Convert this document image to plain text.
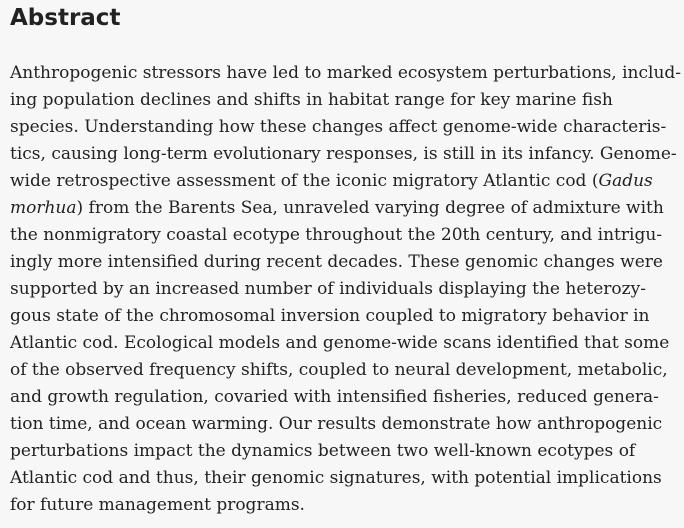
Abstract
Anthropogenic stressors have led to marked ecosystem perturbations, includ-
ing population declines and shifts in habitat range for key marine fish
species. Understanding how these changes affect genome-wide characteris-
tics, causing long-term evolutionary responses, is still in its infancy. Genome-
wide retrospective assessment of the iconic migratory Atlantic cod (Gadus
morhua) from the Barents Sea, unraveled varying degree of admixture with
the nonmigratory coastal ecotype throughout the 20th century, and intrigu-
ingly more intensified during recent decades. These genomic changes were
supported by an increased number of individuals displaying the heterozy-
gous state of the chromosomal inversion coupled to migratory behavior in
Atlantic cod. Ecological models and genome-wide scans identified that some
of the observed frequency shifts, coupled to neural development, metabolic,
and growth regulation, covaried with intensified fisheries, reduced genera-
tion time, and ocean warming. Our results demonstrate how anthropogenic
perturbations impact the dynamics between two well-known ecotypes of
Atlantic cod and thus, their genomic signatures, with potential implications
for future management programs.
